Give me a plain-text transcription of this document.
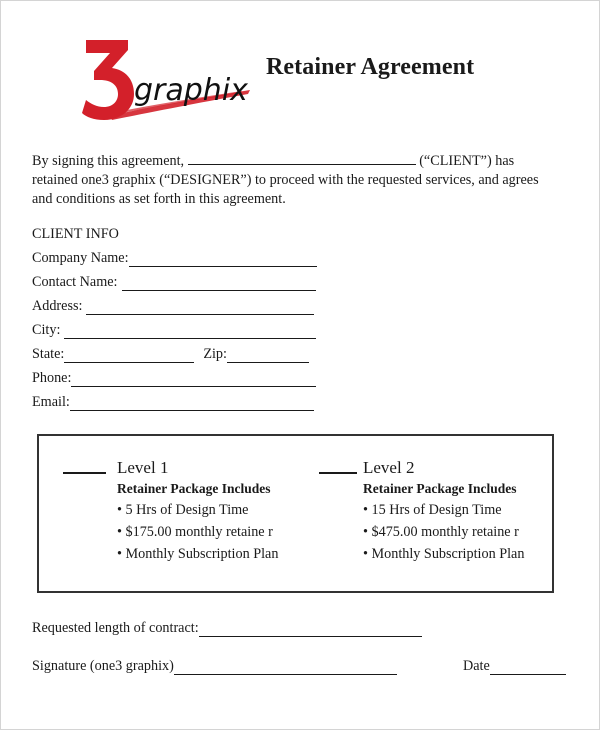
graphix
Retainer Agreement
By signing this agreement,	(“CLIENT”) has
retained one3 graphix (“DESIGNER”) to proceed with the requested services, and agrees
and conditions as set forth in this agreement.
CLIENT INFO
Company Name:
Contact Name:
Address:
City:
State:	Zip:
Phone:
Email:
Level 1
Retainer Package Includes
• 5 Hrs of Design Time
• $175.00 monthly retaine r
• Monthly Subscription Plan
Level 2
Retainer Package Includes
• 15 Hrs of Design Time
• $475.00 monthly retaine r
• Monthly Subscription Plan
Requested length of contract:
Signature (one3 graphix)	Date
